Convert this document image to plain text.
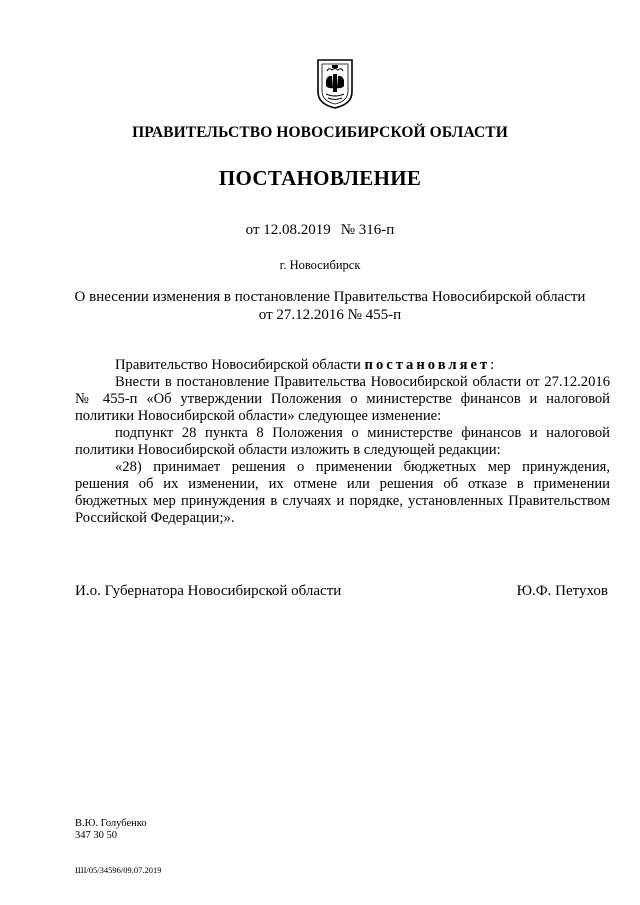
ПРАВИТЕЛЬСТВО НОВОСИБИРСКОЙ ОБЛАСТИ
ПОСТАНОВЛЕНИЕ
от 12.08.2019 № 316-п
г. Новосибирск
О внесении изменения в постановление Правительства Новосибирской области
от 27.12.2016 № 455-п

Правительство Новосибирской области постановляет:

Внести в постановление Правительства Новосибирской области от 27.12.2016 № 455-п «Об утверждении Положения о министерстве финансов и налоговой политики Новосибирской области» следующее изменение:

подпункт 28 пункта 8 Положения о министерстве финансов и налоговой политики Новосибирской области изложить в следующей редакции:

«28) принимает решения о применении бюджетных мер принуждения, решения об их изменении, их отмене или решения об отказе в применении бюджетных мер принуждения в случаях и порядке, установленных Правительством Российской Федерации;».

И.о. Губернатора Новосибирской области	Ю.Ф. Петухов
В.Ю. Голубенко
347 30 50
ШI/05/34596/09.07.2019
